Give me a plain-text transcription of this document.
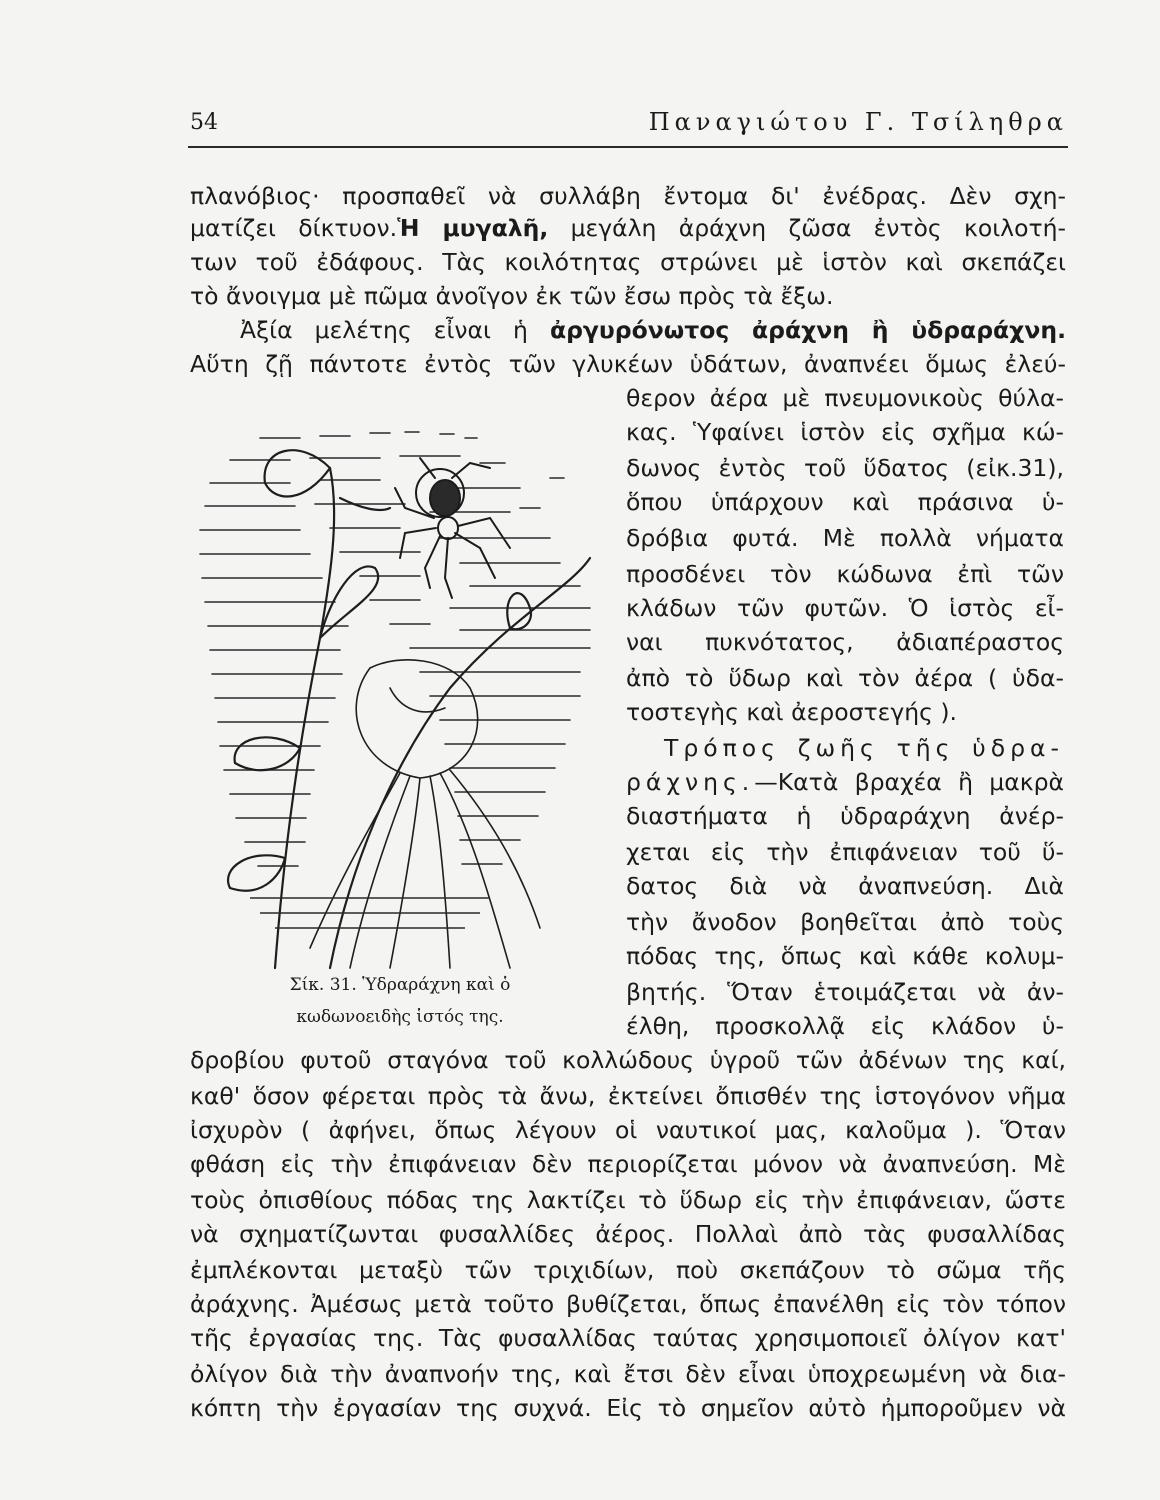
54	Παναγιώτου Γ. Τσίληθρα
πλανόβιος· προσπαθεῖ νὰ συλλάβη ἔντομα δι' ἐνέδρας. Δὲν σχη-
ματίζει δίκτυον.Ἡ μυγαλῆ, μεγάλη ἀράχνη ζῶσα ἐντὸς κοιλοτή-
των τοῦ ἐδάφους. Τὰς κοιλότητας στρώνει μὲ ἱστὸν καὶ σκεπάζει
τὸ ἄνοιγμα μὲ πῶμα ἀνοῖγον ἐκ τῶν ἔσω πρὸς τὰ ἔξω.
Ἀξία μελέτης εἶναι ἡ ἀργυρόνωτος ἀράχνη ἢ ὑδραράχνη.
Αὕτη ζῇ πάντοτε ἐντὸς τῶν γλυκέων ὑδάτων, ἀναπνέει ὅμως ἐλεύ-
θερον ἀέρα μὲ πνευμονικοὺς θύλα-
κας. Ὑφαίνει ἱστὸν εἰς σχῆμα κώ-
δωνος ἐντὸς τοῦ ὕδατος (εἰκ.31),
ὅπου ὑπάρχουν καὶ πράσινα ὑ-
δρόβια φυτά. Μὲ πολλὰ νήματα
προσδένει τὸν κώδωνα ἐπὶ τῶν
κλάδων τῶν φυτῶν. Ὁ ἱστὸς εἶ-
ναι πυκνότατος, ἀδιαπέραστος
ἀπὸ τὸ ὕδωρ καὶ τὸν ἀέρα ( ὑδα-
τοστεγὴς καὶ ἀεροστεγής ).
Τρόπος ζωῆς τῆς ὑδρα-
ράχνης.—Κατὰ βραχέα ἢ μακρὰ
διαστήματα ἡ ὑδραράχνη ἀνέρ-
χεται εἰς τὴν ἐπιφάνειαν τοῦ ὕ-
δατος διὰ νὰ ἀναπνεύση. Διὰ
τὴν ἄνοδον βοηθεῖται ἀπὸ τοὺς
πόδας της, ὅπως καὶ κάθε κολυμ-
βητής. Ὅταν ἑτοιμάζεται νὰ ἀν-
έλθη, προσκολλᾷ εἰς κλάδον ὑ-
δροβίου φυτοῦ σταγόνα τοῦ κολλώδους ὑγροῦ τῶν ἀδένων της καί,
καθ' ὅσον φέρεται πρὸς τὰ ἄνω, ἐκτείνει ὄπισθέν της ἱστογόνον νῆμα
ἰσχυρὸν ( ἀφήνει, ὅπως λέγουν οἱ ναυτικοί μας, καλοῦμα ). Ὅταν
φθάση εἰς τὴν ἐπιφάνειαν δὲν περιορίζεται μόνον νὰ ἀναπνεύση. Μὲ
τοὺς ὀπισθίους πόδας της λακτίζει τὸ ὕδωρ εἰς τὴν ἐπιφάνειαν, ὥστε
νὰ σχηματίζωνται φυσαλλίδες ἀέρος. Πολλαὶ ἀπὸ τὰς φυσαλλίδας
ἐμπλέκονται μεταξὺ τῶν τριχιδίων, ποὺ σκεπάζουν τὸ σῶμα τῆς
ἀράχνης. Ἀμέσως μετὰ τοῦτο βυθίζεται, ὅπως ἐπανέλθη εἰς τὸν τόπον
τῆς ἐργασίας της. Τὰς φυσαλλίδας ταύτας χρησιμοποιεῖ ὀλίγον κατ'
ὀλίγον διὰ τὴν ἀναπνοήν της, καὶ ἔτσι δὲν εἶναι ὑποχρεωμένη νὰ δια-
κόπτη τὴν ἐργασίαν της συχνά. Εἰς τὸ σημεῖον αὐτὸ ἠμποροῦμεν νὰ
Σίκ. 31. Ὑδραράχνη καὶ ὁ
κωδωνοειδὴς ἱστός της.
